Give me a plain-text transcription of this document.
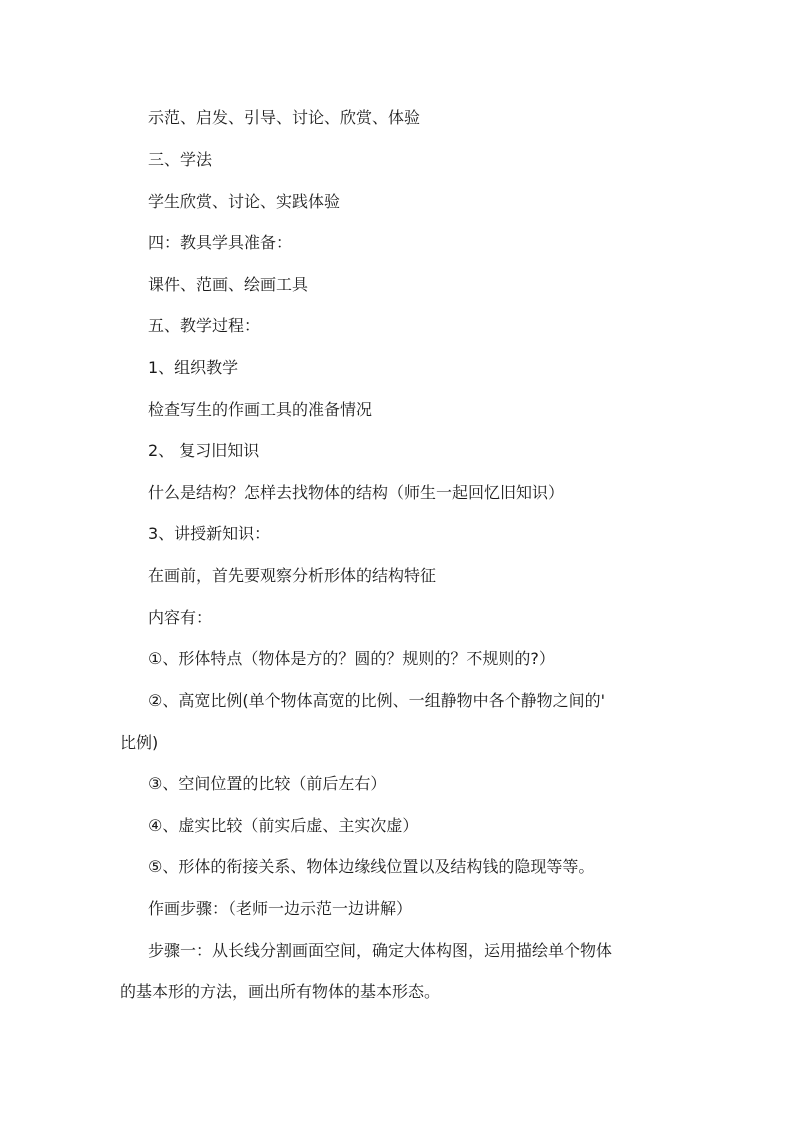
示范、启发、引导、讨论、欣赏、体验

三、学法

学生欣赏、讨论、实践体验

四：教具学具准备：

课件、范画、绘画工具

五、教学过程：

1、组织教学

检查写生的作画工具的准备情况

2、 复习旧知识

什么是结构？怎样去找物体的结构（师生一起回忆旧知识）

3、讲授新知识：

在画前，首先要观察分析形体的结构特征

内容有：

①、形体特点（物体是方的？圆的？规则的？不规则的?）

②、高宽比例(单个物体高宽的比例、一组静物中各个静物之间的'

比例)

③、空间位置的比较（前后左右）

④、虚实比较（前实后虚、主实次虚）

⑤、形体的衔接关系、物体边缘线位置以及结构钱的隐现等等。

作画步骤：（老师一边示范一边讲解）

步骤一：从长线分割画面空间，确定大体构图，运用描绘单个物体

的基本形的方法，画出所有物体的基本形态。
